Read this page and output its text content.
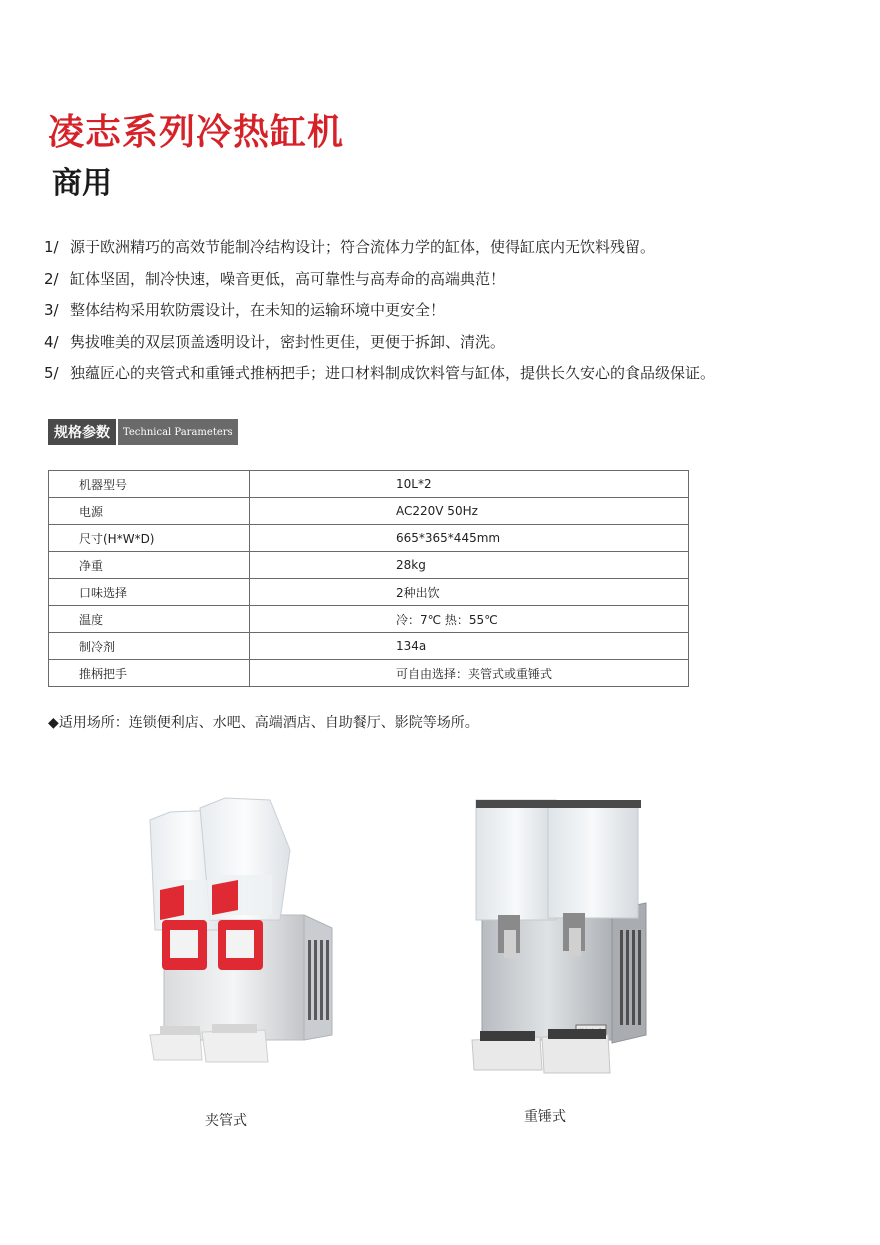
凌志系列冷热缸机
商用
1/ 源于欧洲精巧的高效节能制冷结构设计；符合流体力学的缸体，使得缸底内无饮料残留。
2/ 缸体坚固，制冷快速，噪音更低，高可靠性与高寿命的高端典范！
3/ 整体结构采用软防震设计，在未知的运输环境中更安全！
4/ 隽拔唯美的双层顶盖透明设计，密封性更佳，更便于拆卸、清洗。
5/ 独蕴匠心的夹管式和重锤式推柄把手；进口材料制成饮料管与缸体，提供长久安心的食品级保证。
规格参数	Technical Parameters
机器型号	10L*2
电源	AC220V 50Hz
尺寸(H*W*D)	665*365*445mm
净重	28kg
口味选择	2种出饮
温度	冷：7℃ 热：55℃
制冷剂	134a
推柄把手	可自由选择：夹管式或重锤式
◆适用场所：连锁便利店、水吧、高端酒店、自助餐厅、影院等场所。
夹管式	重锤式
